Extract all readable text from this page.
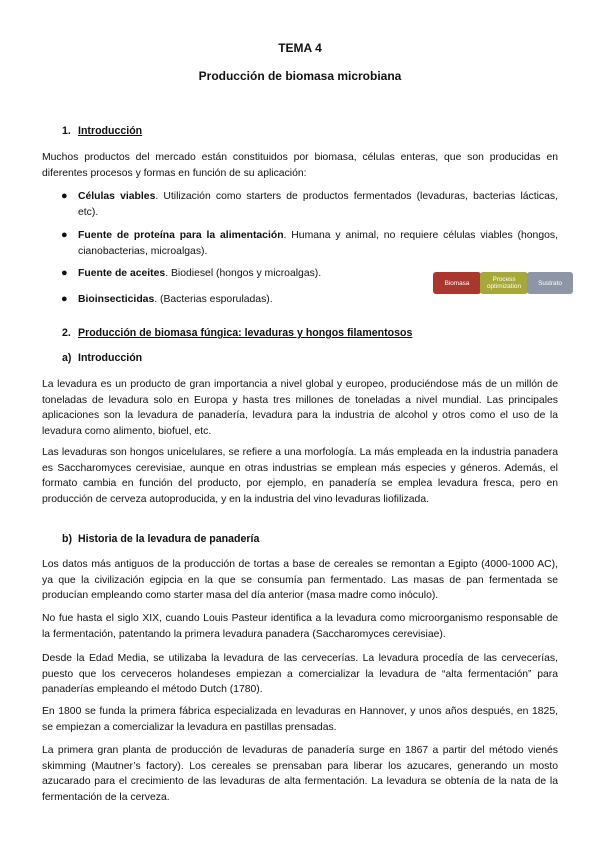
TEMA 4
Producción de biomasa microbiana
1. Introducción

Muchos productos del mercado están constituidos por biomasa, células enteras, que son producidas en diferentes procesos y formas en función de su aplicación:

● Células viables. Utilización como starters de productos fermentados (levaduras, bacterias lácticas, etc).
● Fuente de proteína para la alimentación. Humana y animal, no requiere células viables (hongos, cianobacterias, microalgas).
● Fuente de aceites. Biodiesel (hongos y microalgas).
● Bioinsecticidas. (Bacterias esporuladas).
Biomasa	Process optimization	Sustrato
2. Producción de biomasa fúngica: levaduras y hongos filamentosos
a) Introducción

La levadura es un producto de gran importancia a nivel global y europeo, produciéndose más de un millón de toneladas de levadura solo en Europa y hasta tres millones de toneladas a nivel mundial. Las principales aplicaciones son la levadura de panadería, levadura para la industria de alcohol y otros como el uso de la levadura como alimento, biofuel, etc.

Las levaduras son hongos unicelulares, se refiere a una morfología. La más empleada en la industria panadera es Saccharomyces cerevisiae, aunque en otras industrias se emplean más especies y géneros. Además, el formato cambia en función del producto, por ejemplo, en panadería se emplea levadura fresca, pero en producción de cerveza autoproducida, y en la industria del vino levaduras liofilizada.

b) Historia de la levadura de panadería

Los datos más antiguos de la producción de tortas a base de cereales se remontan a Egipto (4000-1000 AC), ya que la civilización egipcia en la que se consumía pan fermentado. Las masas de pan fermentada se producían empleando como starter masa del día anterior (masa madre como inóculo).

No fue hasta el siglo XIX, cuando Louis Pasteur identifica a la levadura como microorganismo responsable de la fermentación, patentando la primera levadura panadera (Saccharomyces cerevisiae).

Desde la Edad Media, se utilizaba la levadura de las cervecerías. La levadura procedía de las cervecerías, puesto que los cerveceros holandeses empiezan a comercializar la levadura de “alta fermentación” para panaderías empleando el método Dutch (1780).

En 1800 se funda la primera fábrica especializada en levaduras en Hannover, y unos años después, en 1825, se empiezan a comercializar la levadura en pastillas prensadas.

La primera gran planta de producción de levaduras de panadería surge en 1867 a partir del método vienés skimming (Mautner’s factory). Los cereales se prensaban para liberar los azucares, generando un mosto azucarado para el crecimiento de las levaduras de alta fermentación. La levadura se obtenía de la nata de la fermentación de la cerveza.
